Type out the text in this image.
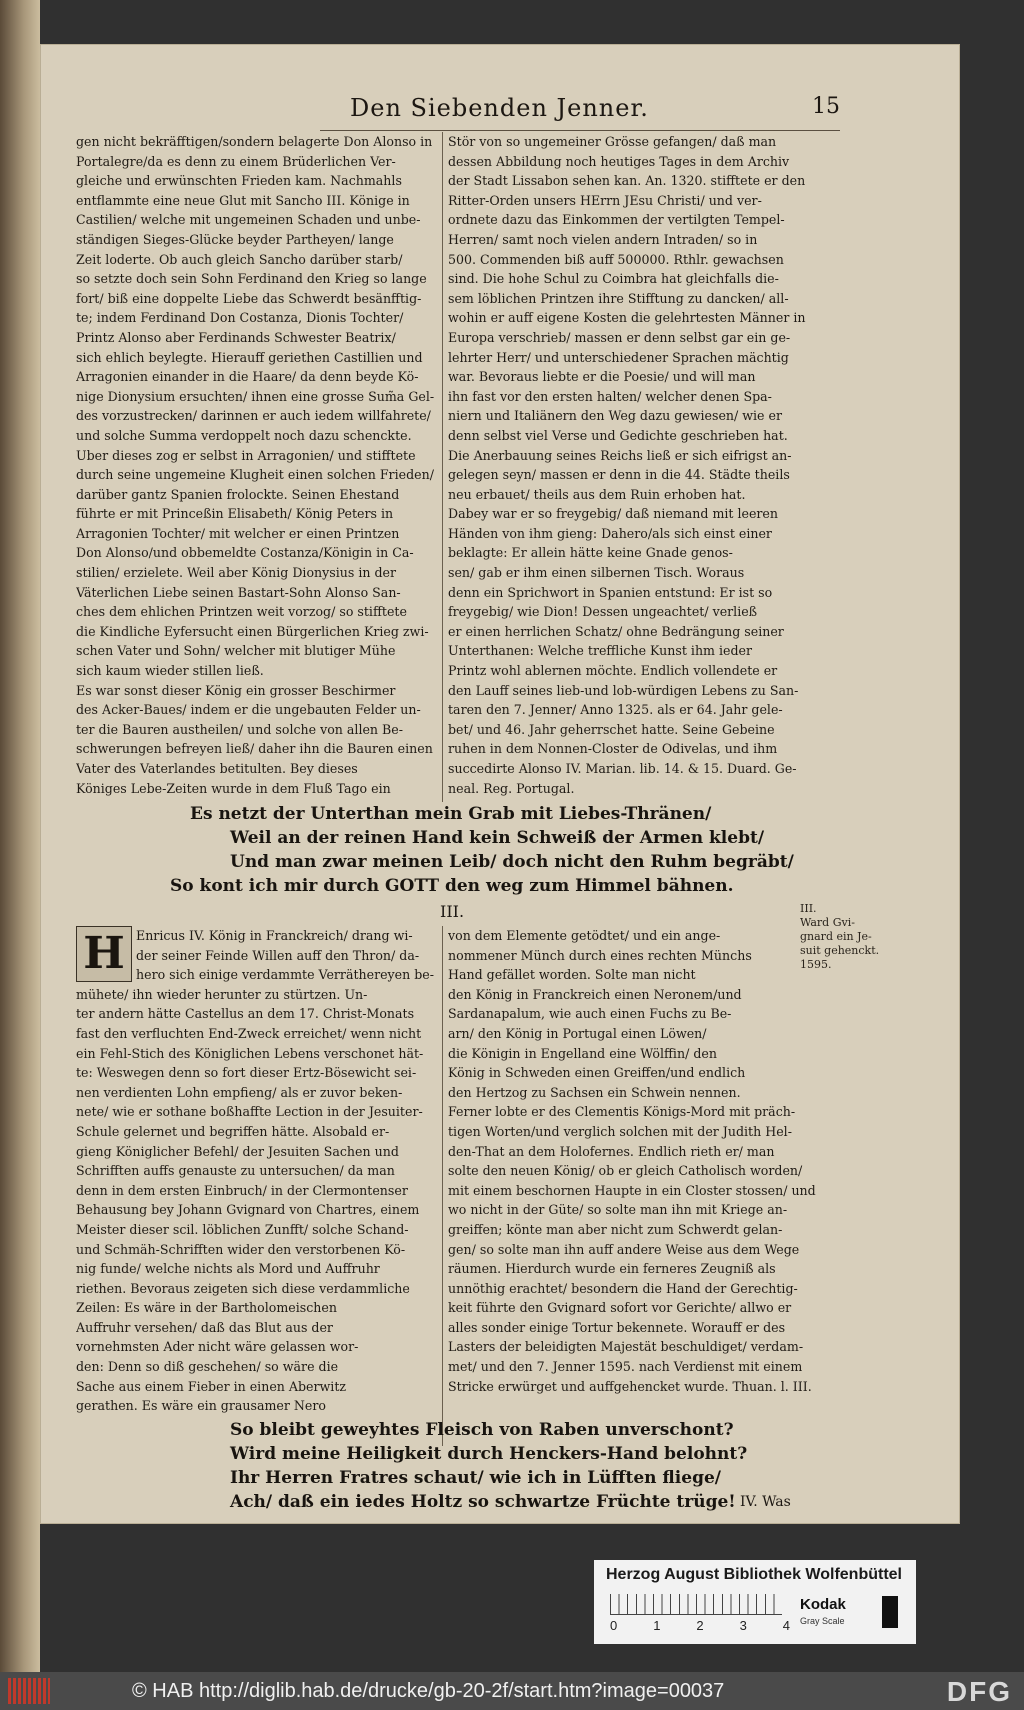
Den Siebenden Jenner.	15
gen nicht bekräfftigen/sondern belagerte Don Alonso in
Portalegre/da es denn zu einem Brüderlichen Ver-
gleiche und erwünschten Frieden kam. Nachmahls
entflammte eine neue Glut mit Sancho III. Könige in
Castilien/ welche mit ungemeinen Schaden und unbe-
ständigen Sieges-Glücke beyder Partheyen/ lange
Zeit loderte. Ob auch gleich Sancho darüber starb/
so setzte doch sein Sohn Ferdinand den Krieg so lange
fort/ biß eine doppelte Liebe das Schwerdt besänfftig-
te; indem Ferdinand Don Costanza, Dionis Tochter/
Printz Alonso aber Ferdinands Schwester Beatrix/
sich ehlich beylegte. Hierauff geriethen Castillien und
Arragonien einander in die Haare/ da denn beyde Kö-
nige Dionysium ersuchten/ ihnen eine grosse Sum̃a Gel-
des vorzustrecken/ darinnen er auch iedem willfahrete/
und solche Summa verdoppelt noch dazu schenckte.
Uber dieses zog er selbst in Arragonien/ und stifftete
durch seine ungemeine Klugheit einen solchen Frieden/
darüber gantz Spanien frolockte. Seinen Ehestand
führte er mit Princeßin Elisabeth/ König Peters in
Arragonien Tochter/ mit welcher er einen Printzen
Don Alonso/und obbemeldte Costanza/Königin in Ca-
stilien/ erzielete. Weil aber König Dionysius in der
Väterlichen Liebe seinen Bastart-Sohn Alonso San-
ches dem ehlichen Printzen weit vorzog/ so stifftete
die Kindliche Eyfersucht einen Bürgerlichen Krieg zwi-
schen Vater und Sohn/ welcher mit blutiger Mühe
sich kaum wieder stillen ließ.
Es war sonst dieser König ein grosser Beschirmer
des Acker-Baues/ indem er die ungebauten Felder un-
ter die Bauren austheilen/ und solche von allen Be-
schwerungen befreyen ließ/ daher ihn die Bauren einen
Vater des Vaterlandes betitulten. Bey dieses
Königes Lebe-Zeiten wurde in dem Fluß Tago ein
Stör von so ungemeiner Grösse gefangen/ daß man
dessen Abbildung noch heutiges Tages in dem Archiv
der Stadt Lissabon sehen kan. An. 1320. stifftete er den
Ritter-Orden unsers HErrn JEsu Christi/ und ver-
ordnete dazu das Einkommen der vertilgten Tempel-
Herren/ samt noch vielen andern Intraden/ so in
500. Commenden biß auff 500000. Rthlr. gewachsen
sind. Die hohe Schul zu Coimbra hat gleichfalls die-
sem löblichen Printzen ihre Stifftung zu dancken/ all-
wohin er auff eigene Kosten die gelehrtesten Männer in
Europa verschrieb/ massen er denn selbst gar ein ge-
lehrter Herr/ und unterschiedener Sprachen mächtig
war. Bevoraus liebte er die Poesie/ und will man
ihn fast vor den ersten halten/ welcher denen Spa-
niern und Italiänern den Weg dazu gewiesen/ wie er
denn selbst viel Verse und Gedichte geschrieben hat.
Die Anerbauung seines Reichs ließ er sich eifrigst an-
gelegen seyn/ massen er denn in die 44. Städte theils
neu erbauet/ theils aus dem Ruin erhoben hat.
Dabey war er so freygebig/ daß niemand mit leeren
Händen von ihm gieng: Dahero/als sich einst einer
beklagte: Er allein hätte keine Gnade genos-
sen/ gab er ihm einen silbernen Tisch. Woraus
denn ein Sprichwort in Spanien entstund: Er ist so
freygebig/ wie Dion! Dessen ungeachtet/ verließ
er einen herrlichen Schatz/ ohne Bedrängung seiner
Unterthanen: Welche treffliche Kunst ihm ieder
Printz wohl ablernen möchte. Endlich vollendete er
den Lauff seines lieb-und lob-würdigen Lebens zu San-
taren den 7. Jenner/ Anno 1325. als er 64. Jahr gele-
bet/ und 46. Jahr geherrschet hatte. Seine Gebeine
ruhen in dem Nonnen-Closter de Odivelas, und ihm
succedirte Alonso IV. Marian. lib. 14. & 15. Duard. Ge-
neal. Reg. Portugal.
Es netzt der Unterthan mein Grab mit Liebes-Thränen/
Weil an der reinen Hand kein Schweiß der Armen klebt/
Und man zwar meinen Leib/ doch nicht den Ruhm begräbt/
So kont ich mir durch GOTT den weg zum Himmel bähnen.
III.	III.
Ward Gvi-
gnard ein Je-
suit gehenckt.
1595.
H Enricus IV. König in Franckreich/ drang wi-
der seiner Feinde Willen auff den Thron/ da-
hero sich einige verdammte Verräthereyen be-
mühete/ ihn wieder herunter zu stürtzen. Un-
ter andern hätte Castellus an dem 17. Christ-Monats
fast den verfluchten End-Zweck erreichet/ wenn nicht
ein Fehl-Stich des Königlichen Lebens verschonet hät-
te: Weswegen denn so fort dieser Ertz-Bösewicht sei-
nen verdienten Lohn empfieng/ als er zuvor beken-
nete/ wie er sothane boßhaffte Lection in der Jesuiter-
Schule gelernet und begriffen hätte. Alsobald er-
gieng Königlicher Befehl/ der Jesuiten Sachen und
Schrifften auffs genauste zu untersuchen/ da man
denn in dem ersten Einbruch/ in der Clermontenser
Behausung bey Johann Gvignard von Chartres, einem
Meister dieser scil. löblichen Zunfft/ solche Schand-
und Schmäh-Schrifften wider den verstorbenen Kö-
nig funde/ welche nichts als Mord und Auffruhr
riethen. Bevoraus zeigeten sich diese verdammliche
Zeilen: Es wäre in der Bartholomeischen
Auffruhr versehen/ daß das Blut aus der
vornehmsten Ader nicht wäre gelassen wor-
den: Denn so diß geschehen/ so wäre die
Sache aus einem Fieber in einen Aberwitz
gerathen. Es wäre ein grausamer Nero
von dem Elemente getödtet/ und ein ange-
nommener Münch durch eines rechten Münchs
Hand gefället worden. Solte man nicht
den König in Franckreich einen Neronem/und
Sardanapalum, wie auch einen Fuchs zu Be-
arn/ den König in Portugal einen Löwen/
die Königin in Engelland eine Wölffin/ den
König in Schweden einen Greiffen/und endlich
den Hertzog zu Sachsen ein Schwein nennen.
Ferner lobte er des Clementis Königs-Mord mit präch-
tigen Worten/und verglich solchen mit der Judith Hel-
den-That an dem Holofernes. Endlich rieth er/ man
solte den neuen König/ ob er gleich Catholisch worden/
mit einem beschornen Haupte in ein Closter stossen/ und
wo nicht in der Güte/ so solte man ihn mit Kriege an-
greiffen; könte man aber nicht zum Schwerdt gelan-
gen/ so solte man ihn auff andere Weise aus dem Wege
räumen. Hierdurch wurde ein ferneres Zeugniß als
unnöthig erachtet/ besondern die Hand der Gerechtig-
keit führte den Gvignard sofort vor Gerichte/ allwo er
alles sonder einige Tortur bekennete. Worauff er des
Lasters der beleidigten Majestät beschuldiget/ verdam-
met/ und den 7. Jenner 1595. nach Verdienst mit einem
Stricke erwürget und auffgehencket wurde. Thuan. l. III.
So bleibt geweyhtes Fleisch von Raben unverschont?
Wird meine Heiligkeit durch Henckers-Hand belohnt?
Ihr Herren Fratres schaut/ wie ich in Lüfften fliege/
Ach/ daß ein iedes Holtz so schwartze Früchte trüge! IV. Was
Herzog August Bibliothek Wolfenbüttel
0	1	2	3	4
Kodak
Gray Scale
© HAB http://diglib.hab.de/drucke/gb-20-2f/start.htm?image=00037	DFG
